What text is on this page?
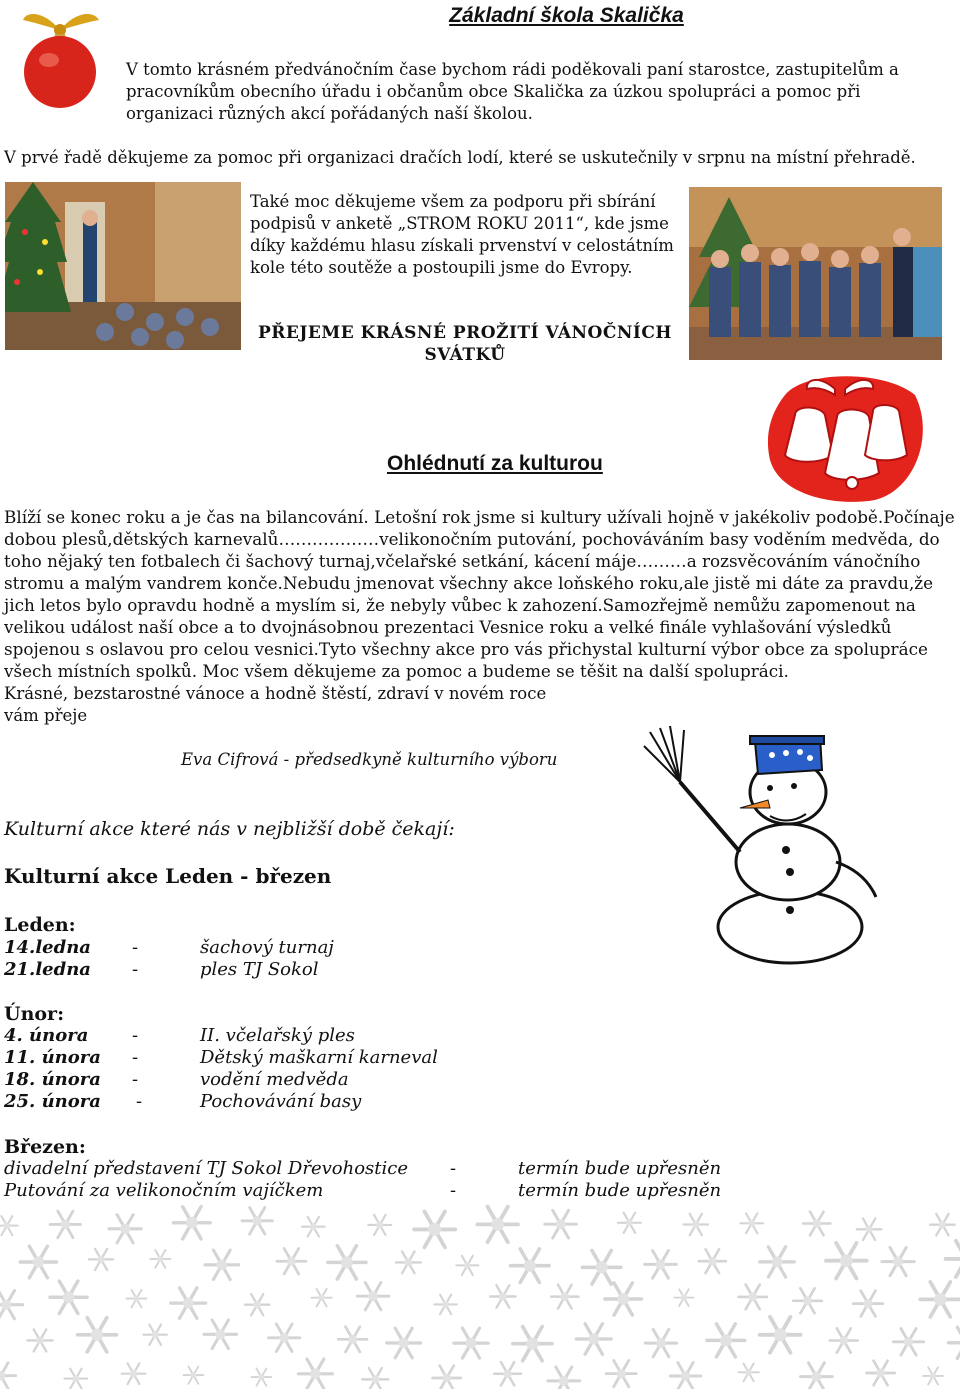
Základní škola Skalička
V tomto krásném předvánočním čase bychom rádi poděkovali paní starostce, zastupitelům a pracovníkům obecního úřadu i občanům obce Skalička za úzkou spolupráci a pomoc při organizaci různých akcí pořádaných naší školou.
V prvé řadě děkujeme za pomoc při organizaci dračích lodí, které se uskutečnily v srpnu na místní přehradě.
Také moc děkujeme všem za podporu při sbírání podpisů v anketě „STROM ROKU 2011“, kde jsme díky každému hlasu získali prvenství v celostátním kole této soutěže a postoupili jsme do Evropy.
PŘEJEME KRÁSNÉ PROŽITÍ VÁNOČNÍCH SVÁTKŮ
Ohlédnutí za kulturou
Blíží se konec roku a je čas na bilancování. Letošní rok jsme si kultury užívali hojně v jakékoliv podobě.Počínaje dobou plesů,dětských karnevalů………………velikonočním putování, pochováváním basy voděním medvěda, do toho nějaký ten fotbalech či šachový turnaj,včelařské setkání, kácení máje………a rozsvěcováním vánočního stromu a malým vandrem konče.Nebudu jmenovat všechny akce loňského roku,ale jistě mi dáte za pravdu,že jich letos bylo opravdu hodně a myslím si, že nebyly vůbec k zahození.Samozřejmě nemůžu zapomenout na velikou událost naší obce a to dvojnásobnou prezentaci Vesnice roku a velké finále vyhlašování výsledků spojenou s oslavou pro celou vesnici.Tyto všechny akce pro vás přichystal kulturní výbor obce za spolupráce všech místních spolků. Moc všem děkujeme za pomoc a budeme se těšit na další spolupráci.
Krásné, bezstarostné vánoce a hodně štěstí, zdraví v novém roce
vám přeje
Eva Cifrová - předsedkyně kulturního výboru
Kulturní akce které nás v nejbližší době čekají:
Kulturní akce Leden - březen
Leden:
14.ledna -	šachový turnaj
21.ledna -	ples TJ Sokol
Únor:
4. února -	II. včelařský ples
11. února -	Dětský maškarní karneval
18. února -	vodění medvěda
25. února -	Pochovávání basy
Březen:
divadelní představení TJ Sokol Dřevohostice -	termín bude upřesněn
Putování za velikonočním vajíčkem	-	termín bude upřesněn
